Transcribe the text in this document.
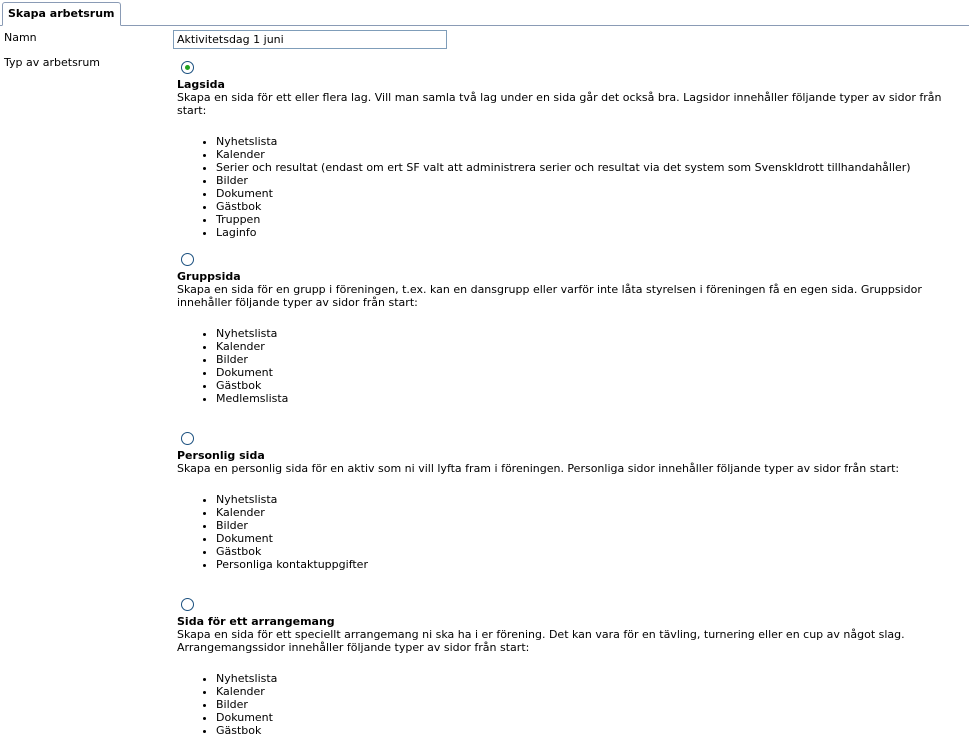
Skapa arbetsrum
Namn
Aktivitetsdag 1 juni
Typ av arbetsrum
Lagsida
Skapa en sida för ett eller flera lag. Vill man samla två lag under en sida går det också bra. Lagsidor innehåller följande typer av sidor från start:
• Nyhetslista
• Kalender
• Serier och resultat (endast om ert SF valt att administrera serier och resultat via det system som SvenskIdrott tillhandahåller)
• Bilder
• Dokument
• Gästbok
• Truppen
• Laginfo
Gruppsida
Skapa en sida för en grupp i föreningen, t.ex. kan en dansgrupp eller varför inte låta styrelsen i föreningen få en egen sida. Gruppsidor innehåller följande typer av sidor från start:
• Nyhetslista
• Kalender
• Bilder
• Dokument
• Gästbok
• Medlemslista
Personlig sida
Skapa en personlig sida för en aktiv som ni vill lyfta fram i föreningen. Personliga sidor innehåller följande typer av sidor från start:
• Nyhetslista
• Kalender
• Bilder
• Dokument
• Gästbok
• Personliga kontaktuppgifter
Sida för ett arrangemang
Skapa en sida för ett speciellt arrangemang ni ska ha i er förening. Det kan vara för en tävling, turnering eller en cup av något slag. Arrangemangssidor innehåller följande typer av sidor från start:
• Nyhetslista
• Kalender
• Bilder
• Dokument
• Gästbok
